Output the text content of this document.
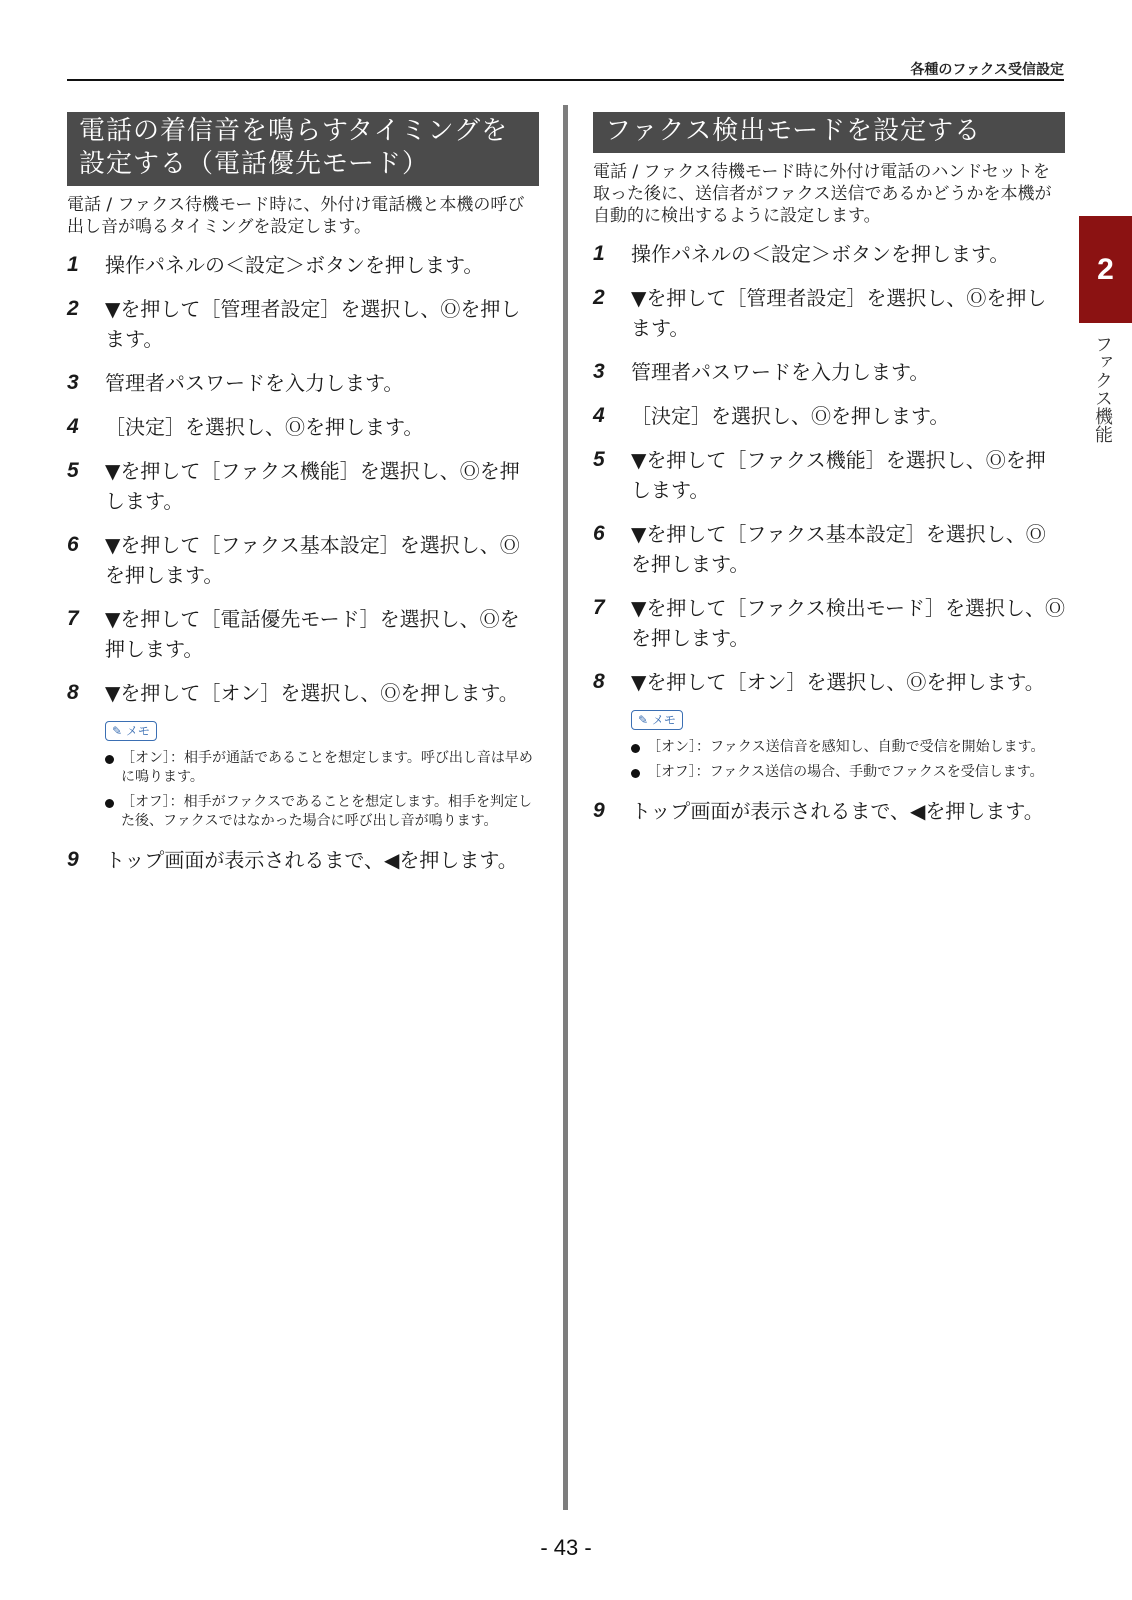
各種のファクス受信設定
電話の着信音を鳴らすタイミングを設定する（電話優先モード）
電話 / ファクス待機モード時に、外付け電話機と本機の呼び出し音が鳴るタイミングを設定します。
1	操作パネルの＜設定＞ボタンを押します。
2	▼を押して［管理者設定］を選択し、Ⓞを押します。
3	管理者パスワードを入力します。
4	［決定］を選択し、Ⓞを押します。
5	▼を押して［ファクス機能］を選択し、Ⓞを押します。
6	▼を押して［ファクス基本設定］を選択し、Ⓞを押します。
7	▼を押して［電話優先モード］を選択し、Ⓞを押します。
8	▼を押して［オン］を選択し、Ⓞを押します。
✎ メモ
［オン］：相手が通話であることを想定します。呼び出し音は早めに鳴ります。
［オフ］：相手がファクスであることを想定します。相手を判定した後、ファクスではなかった場合に呼び出し音が鳴ります。
9	トップ画面が表示されるまで、◀を押します。
ファクス検出モードを設定する
電話 / ファクス待機モード時に外付け電話のハンドセットを取った後に、送信者がファクス送信であるかどうかを本機が自動的に検出するように設定します。
1	操作パネルの＜設定＞ボタンを押します。
2	▼を押して［管理者設定］を選択し、Ⓞを押します。
3	管理者パスワードを入力します。
4	［決定］を選択し、Ⓞを押します。
5	▼を押して［ファクス機能］を選択し、Ⓞを押します。
6	▼を押して［ファクス基本設定］を選択し、Ⓞを押します。
7	▼を押して［ファクス検出モード］を選択し、Ⓞを押します。
8	▼を押して［オン］を選択し、Ⓞを押します。
✎ メモ
［オン］：ファクス送信音を感知し、自動で受信を開始します。
［オフ］：ファクス送信の場合、手動でファクスを受信します。
9	トップ画面が表示されるまで、◀を押します。
2
ファクス機能
- 43 -
